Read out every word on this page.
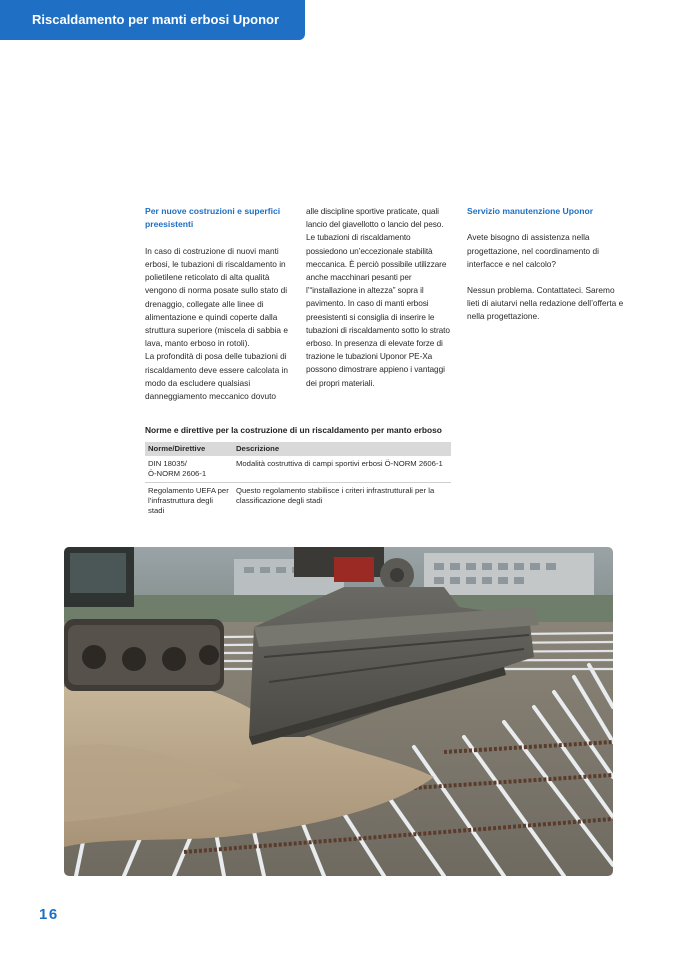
Riscaldamento per manti erbosi Uponor
Per nuove costruzioni e superfici preesistenti

In caso di costruzione di nuovi manti erbosi, le tubazioni di riscaldamento in polietilene reticolato di alta qualità vengono di norma posate sullo stato di drenaggio, collegate alle linee di alimentazione e quindi coperte dalla struttura superiore (miscela di sabbia e lava, manto erboso in rotoli).

La profondità di posa delle tubazioni di riscaldamento deve essere calcolata in modo da escludere qualsiasi danneggiamento meccanico dovuto

alle discipline sportive praticate, quali lancio del giavellotto o lancio del peso. Le tubazioni di riscaldamento possiedono un’eccezionale stabilità meccanica. È perciò possibile utilizzare anche macchinari pesanti per l’“installazione in altezza” sopra il pavimento. In caso di manti erbosi preesistenti si consiglia di inserire le tubazioni di riscaldamento sotto lo strato erboso. In presenza di elevate forze di trazione le tubazioni Uponor PE-Xa possono dimostrare appieno i vantaggi dei propri materiali.

Servizio manutenzione Uponor

Avete bisogno di assistenza nella progettazione, nel coordinamento di interfacce e nel calcolo?

Nessun problema. Contattateci. Saremo lieti di aiutarvi nella redazione dell’offerta e nella progettazione.

Norme e direttive per la costruzione di un riscaldamento per manto erboso
Norme/Direttive	Descrizione

DIN 18035/
Ö-NORM 2606-1	Modalità costruttiva di campi sportivi erbosi Ö-NORM 2606-1
Regolamento UEFA per l’infrastruttura degli stadi	Questo regolamento stabilisce i criteri infrastrutturali per la classificazione degli stadi
16
